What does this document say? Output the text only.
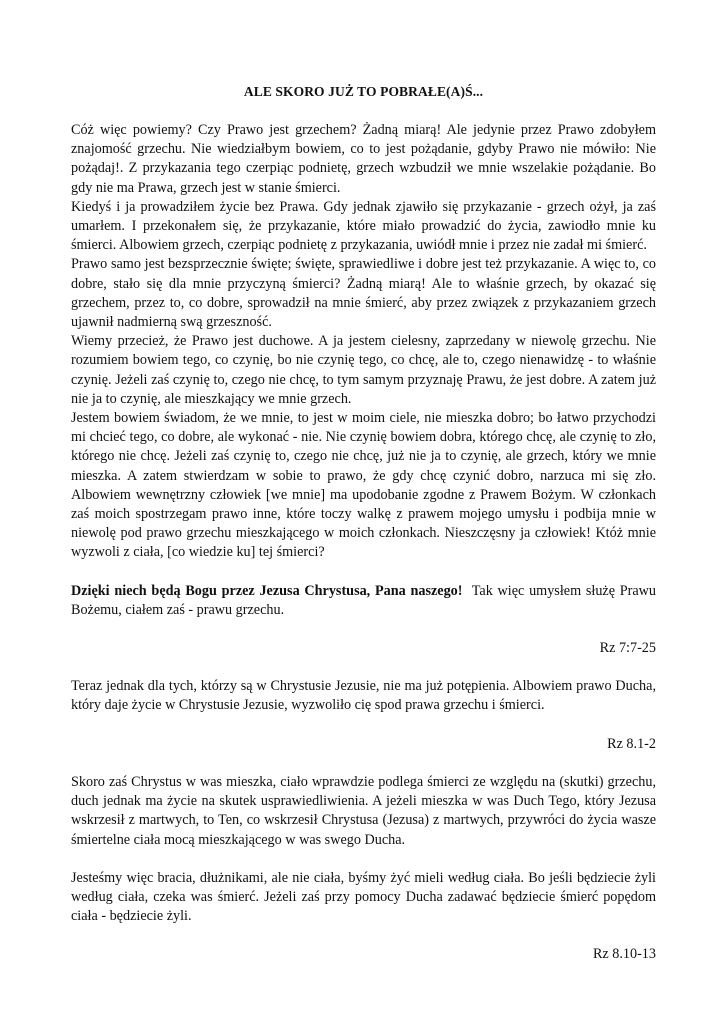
ALE SKORO JUŻ TO POBRAŁE(A)Ś...

Cóż więc powiemy? Czy Prawo jest grzechem? Żadną miarą! Ale jedynie przez Prawo zdobyłem znajomość grzechu. Nie wiedziałbym bowiem, co to jest pożądanie, gdyby Prawo nie mówiło: Nie pożądaj!. Z przykazania tego czerpiąc podnietę, grzech wzbudził we mnie wszelakie pożądanie. Bo gdy nie ma Prawa, grzech jest w stanie śmierci.

Kiedyś i ja prowadziłem życie bez Prawa. Gdy jednak zjawiło się przykazanie - grzech ożył, ja zaś umarłem. I przekonałem się, że przykazanie, które miało prowadzić do życia, zawiodło mnie ku śmierci. Albowiem grzech, czerpiąc podnietę z przykazania, uwiódł mnie i przez nie zadał mi śmierć.

Prawo samo jest bezsprzecznie święte; święte, sprawiedliwe i dobre jest też przykazanie. A więc to, co dobre, stało się dla mnie przyczyną śmierci? Żadną miarą! Ale to właśnie grzech, by okazać się grzechem, przez to, co dobre, sprowadził na mnie śmierć, aby przez związek z przykazaniem grzech ujawnił nadmierną swą grzeszność.

Wiemy przecież, że Prawo jest duchowe. A ja jestem cielesny, zaprzedany w niewolę grzechu. Nie rozumiem bowiem tego, co czynię, bo nie czynię tego, co chcę, ale to, czego nienawidzę - to właśnie czynię. Jeżeli zaś czynię to, czego nie chcę, to tym samym przyznaję Prawu, że jest dobre. A zatem już nie ja to czynię, ale mieszkający we mnie grzech.

Jestem bowiem świadom, że we mnie, to jest w moim ciele, nie mieszka dobro; bo łatwo przychodzi mi chcieć tego, co dobre, ale wykonać - nie. Nie czynię bowiem dobra, którego chcę, ale czynię to zło, którego nie chcę. Jeżeli zaś czynię to, czego nie chcę, już nie ja to czynię, ale grzech, który we mnie mieszka. A zatem stwierdzam w sobie to prawo, że gdy chcę czynić dobro, narzuca mi się zło. Albowiem wewnętrzny człowiek [we mnie] ma upodobanie zgodne z Prawem Bożym. W członkach zaś moich spostrzegam prawo inne, które toczy walkę z prawem mojego umysłu i podbija mnie w niewolę pod prawo grzechu mieszkającego w moich członkach. Nieszczęsny ja człowiek! Któż mnie wyzwoli z ciała, [co wiedzie ku] tej śmierci?

Dzięki niech będą Bogu przez Jezusa Chrystusa, Pana naszego!  Tak więc umysłem służę Prawu Bożemu, ciałem zaś - prawu grzechu.

Rz 7:7-25

Teraz jednak dla tych, którzy są w Chrystusie Jezusie, nie ma już potępienia. Albowiem prawo Ducha, który daje życie w Chrystusie Jezusie, wyzwoliło cię spod prawa grzechu i śmierci.

Rz 8.1-2

Skoro zaś Chrystus w was mieszka, ciało wprawdzie podlega śmierci ze względu na (skutki) grzechu, duch jednak ma życie na skutek usprawiedliwienia. A jeżeli mieszka w was Duch Tego, który Jezusa wskrzesił z martwych, to Ten, co wskrzesił Chrystusa (Jezusa) z martwych, przywróci do życia wasze śmiertelne ciała mocą mieszkającego w was swego Ducha.

Jesteśmy więc bracia, dłużnikami, ale nie ciała, byśmy żyć mieli według ciała. Bo jeśli będziecie żyli według ciała, czeka was śmierć. Jeżeli zaś przy pomocy Ducha zadawać będziecie śmierć popędom ciała - będziecie żyli.

Rz 8.10-13
